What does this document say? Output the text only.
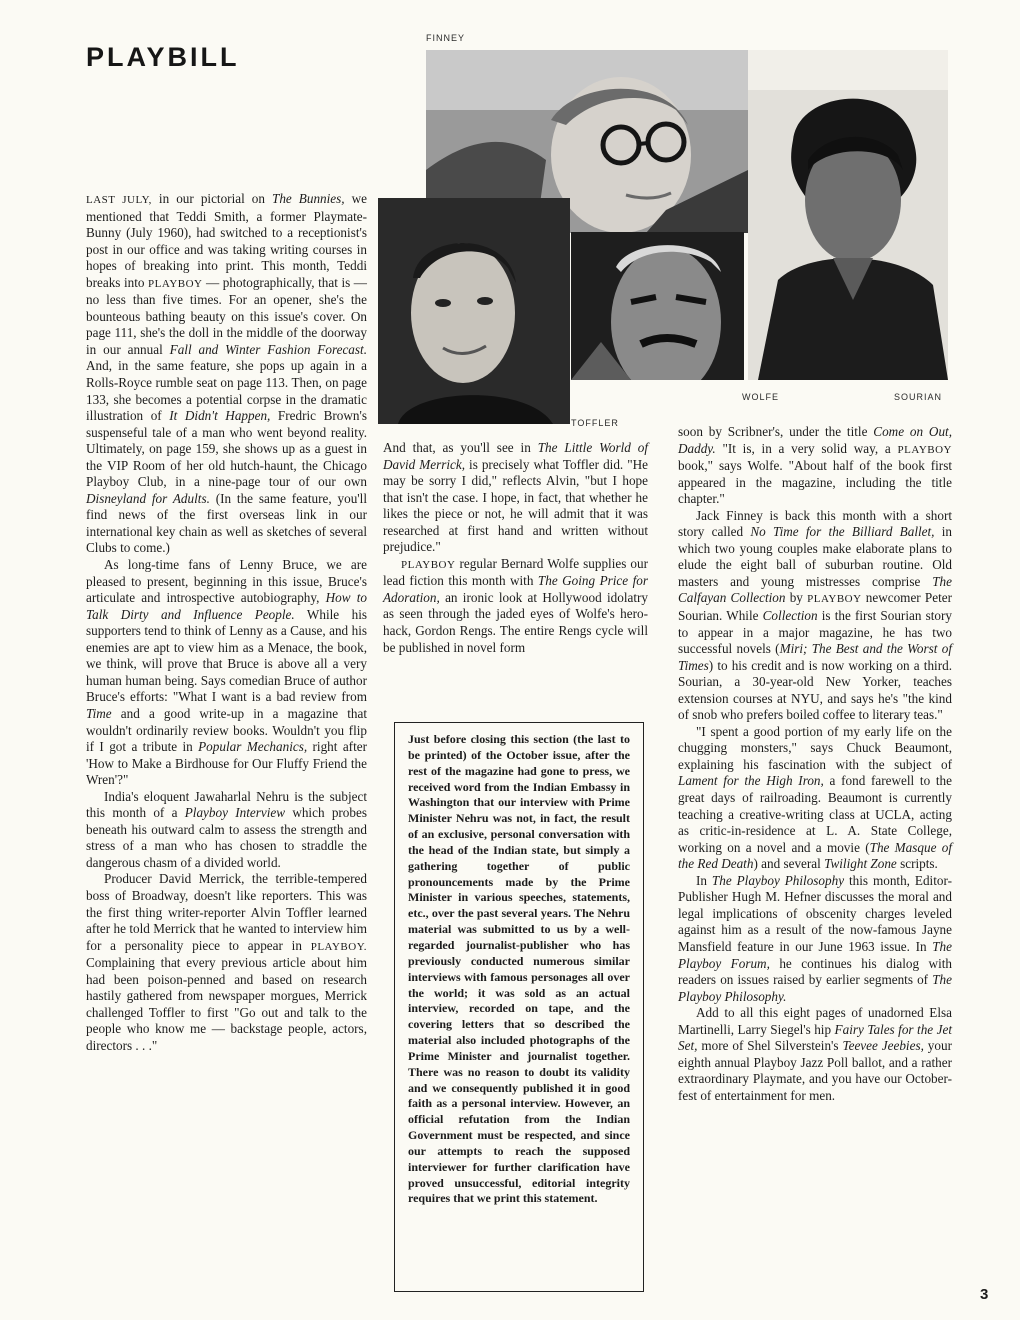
PLAYBILL
FINNEY
TOFFLER
WOLFE	SOURIAN

LAST JULY, in our pictorial on The Bunnies, we mentioned that Teddi Smith, a former Playmate-Bunny (July 1960), had switched to a receptionist's post in our office and was taking writing courses in hopes of breaking into print. This month, Teddi breaks into PLAYBOY — photographically, that is — no less than five times. For an opener, she's the bounteous bathing beauty on this issue's cover. On page 111, she's the doll in the middle of the doorway in our annual Fall and Winter Fashion Forecast. And, in the same feature, she pops up again in a Rolls-Royce rumble seat on page 113. Then, on page 133, she becomes a potential corpse in the dramatic illustration of It Didn't Happen, Fredric Brown's suspenseful tale of a man who went beyond reality. Ultimately, on page 159, she shows up as a guest in the VIP Room of her old hutch-haunt, the Chicago Playboy Club, in a nine-page tour of our own Disneyland for Adults. (In the same feature, you'll find news of the first overseas link in our international key chain as well as sketches of several Clubs to come.)

As long-time fans of Lenny Bruce, we are pleased to present, beginning in this issue, Bruce's articulate and introspective autobiography, How to Talk Dirty and Influence People. While his supporters tend to think of Lenny as a Cause, and his enemies are apt to view him as a Menace, the book, we think, will prove that Bruce is above all a very human human being. Says comedian Bruce of author Bruce's efforts: "What I want is a bad review from Time and a good write-up in a magazine that wouldn't ordinarily review books. Wouldn't you flip if I got a tribute in Popular Mechanics, right after 'How to Make a Birdhouse for Our Fluffy Friend the Wren'?"

India's eloquent Jawaharlal Nehru is the subject this month of a Playboy Interview which probes beneath his outward calm to assess the strength and stress of a man who has chosen to straddle the dangerous chasm of a divided world.

Producer David Merrick, the terrible-tempered boss of Broadway, doesn't like reporters. This was the first thing writer-reporter Alvin Toffler learned after he told Merrick that he wanted to interview him for a personality piece to appear in PLAYBOY. Complaining that every previous article about him had been poison-penned and based on research hastily gathered from newspaper morgues, Merrick challenged Toffler to first "Go out and talk to the people who know me — backstage people, actors, directors . . ."

And that, as you'll see in The Little World of David Merrick, is precisely what Toffler did. "He may be sorry I did," reflects Alvin, "but I hope that isn't the case. I hope, in fact, that whether he likes the piece or not, he will admit that it was researched at first hand and written without prejudice."

PLAYBOY regular Bernard Wolfe supplies our lead fiction this month with The Going Price for Adoration, an ironic look at Hollywood idolatry as seen through the jaded eyes of Wolfe's hero-hack, Gordon Rengs. The entire Rengs cycle will be published in novel form

Just before closing this section (the last to be printed) of the October issue, after the rest of the magazine had gone to press, we received word from the Indian Embassy in Washington that our interview with Prime Minister Nehru was not, in fact, the result of an exclusive, personal conversation with the head of the Indian state, but simply a gathering together of public pronouncements made by the Prime Minister in various speeches, statements, etc., over the past several years. The Nehru material was submitted to us by a well-regarded journalist-publisher who has previously conducted numerous similar interviews with famous personages all over the world; it was sold as an actual interview, recorded on tape, and the covering letters that so described the material also included photographs of the Prime Minister and journalist together. There was no reason to doubt its validity and we consequently published it in good faith as a personal interview. However, an official refutation from the Indian Government must be respected, and since our attempts to reach the supposed interviewer for further clarification have proved unsuccessful, editorial integrity requires that we print this statement.

soon by Scribner's, under the title Come on Out, Daddy. "It is, in a very solid way, a PLAYBOY book," says Wolfe. "About half of the book first appeared in the magazine, including the title chapter."

Jack Finney is back this month with a short story called No Time for the Billiard Ballet, in which two young couples make elaborate plans to elude the eight ball of suburban routine. Old masters and young mistresses comprise The Calfayan Collection by PLAYBOY newcomer Peter Sourian. While Collection is the first Sourian story to appear in a major magazine, he has two successful novels (Miri; The Best and the Worst of Times) to his credit and is now working on a third. Sourian, a 30-year-old New Yorker, teaches extension courses at NYU, and says he's "the kind of snob who prefers boiled coffee to literary teas."

"I spent a good portion of my early life on the chugging monsters," says Chuck Beaumont, explaining his fascination with the subject of Lament for the High Iron, a fond farewell to the great days of railroading. Beaumont is currently teaching a creative-writing class at UCLA, acting as critic-in-residence at L. A. State College, working on a novel and a movie (The Masque of the Red Death) and several Twilight Zone scripts.

In The Playboy Philosophy this month, Editor-Publisher Hugh M. Hefner discusses the moral and legal implications of obscenity charges leveled against him as a result of the now-famous Jayne Mansfield feature in our June 1963 issue. In The Playboy Forum, he continues his dialog with readers on issues raised by earlier segments of The Playboy Philosophy.

Add to all this eight pages of unadorned Elsa Martinelli, Larry Siegel's hip Fairy Tales for the Jet Set, more of Shel Silverstein's Teevee Jeebies, your eighth annual Playboy Jazz Poll ballot, and a rather extraordinary Playmate, and you have our October-fest of entertainment for men.

3
